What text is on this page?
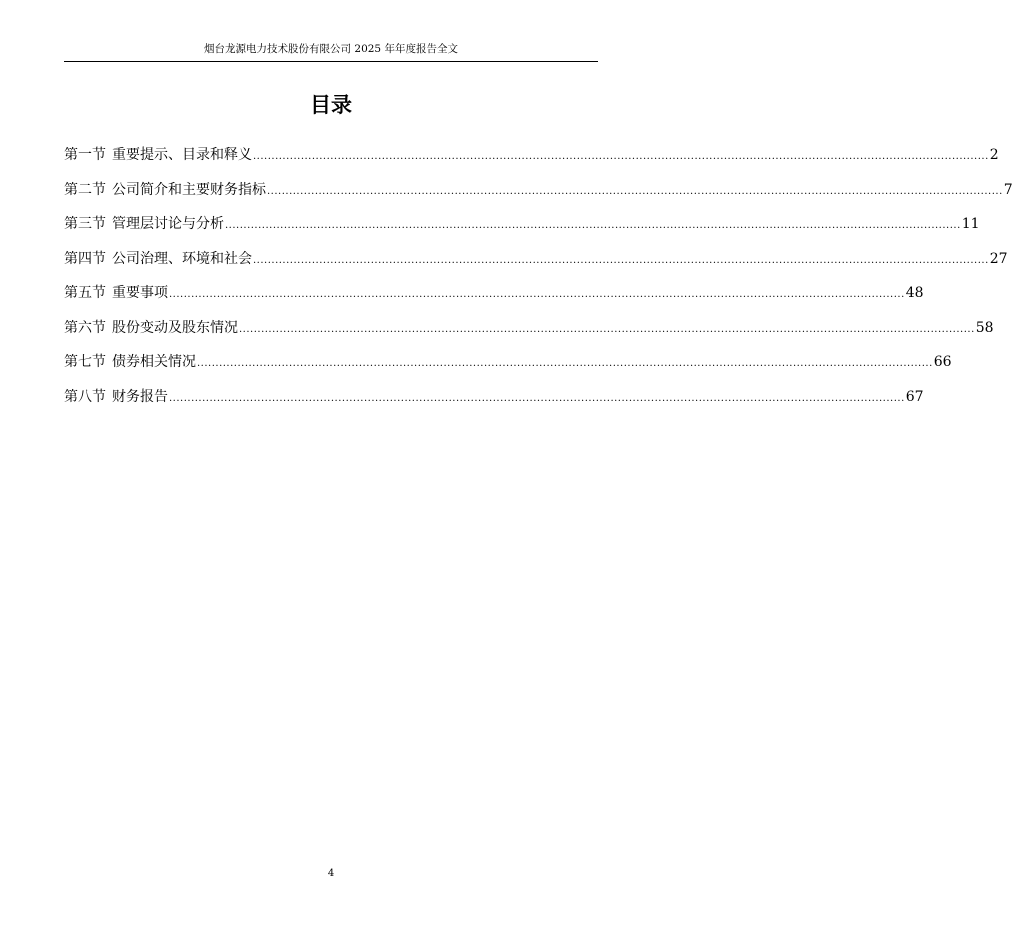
烟台龙源电力技术股份有限公司 2025 年年度报告全文
目录
第一节 重要提示、目录和释义 ........................................................................................................................................................................................................ 2
第二节 公司简介和主要财务指标 ........................................................................................................................................................................................................ 7
第三节 管理层讨论与分析 ........................................................................................................................................................................................................ 11
第四节 公司治理、环境和社会 ........................................................................................................................................................................................................ 27
第五节 重要事项 ........................................................................................................................................................................................................ 48
第六节 股份变动及股东情况 ........................................................................................................................................................................................................ 58
第七节 债券相关情况 ........................................................................................................................................................................................................ 66
第八节 财务报告 ........................................................................................................................................................................................................ 67
4
